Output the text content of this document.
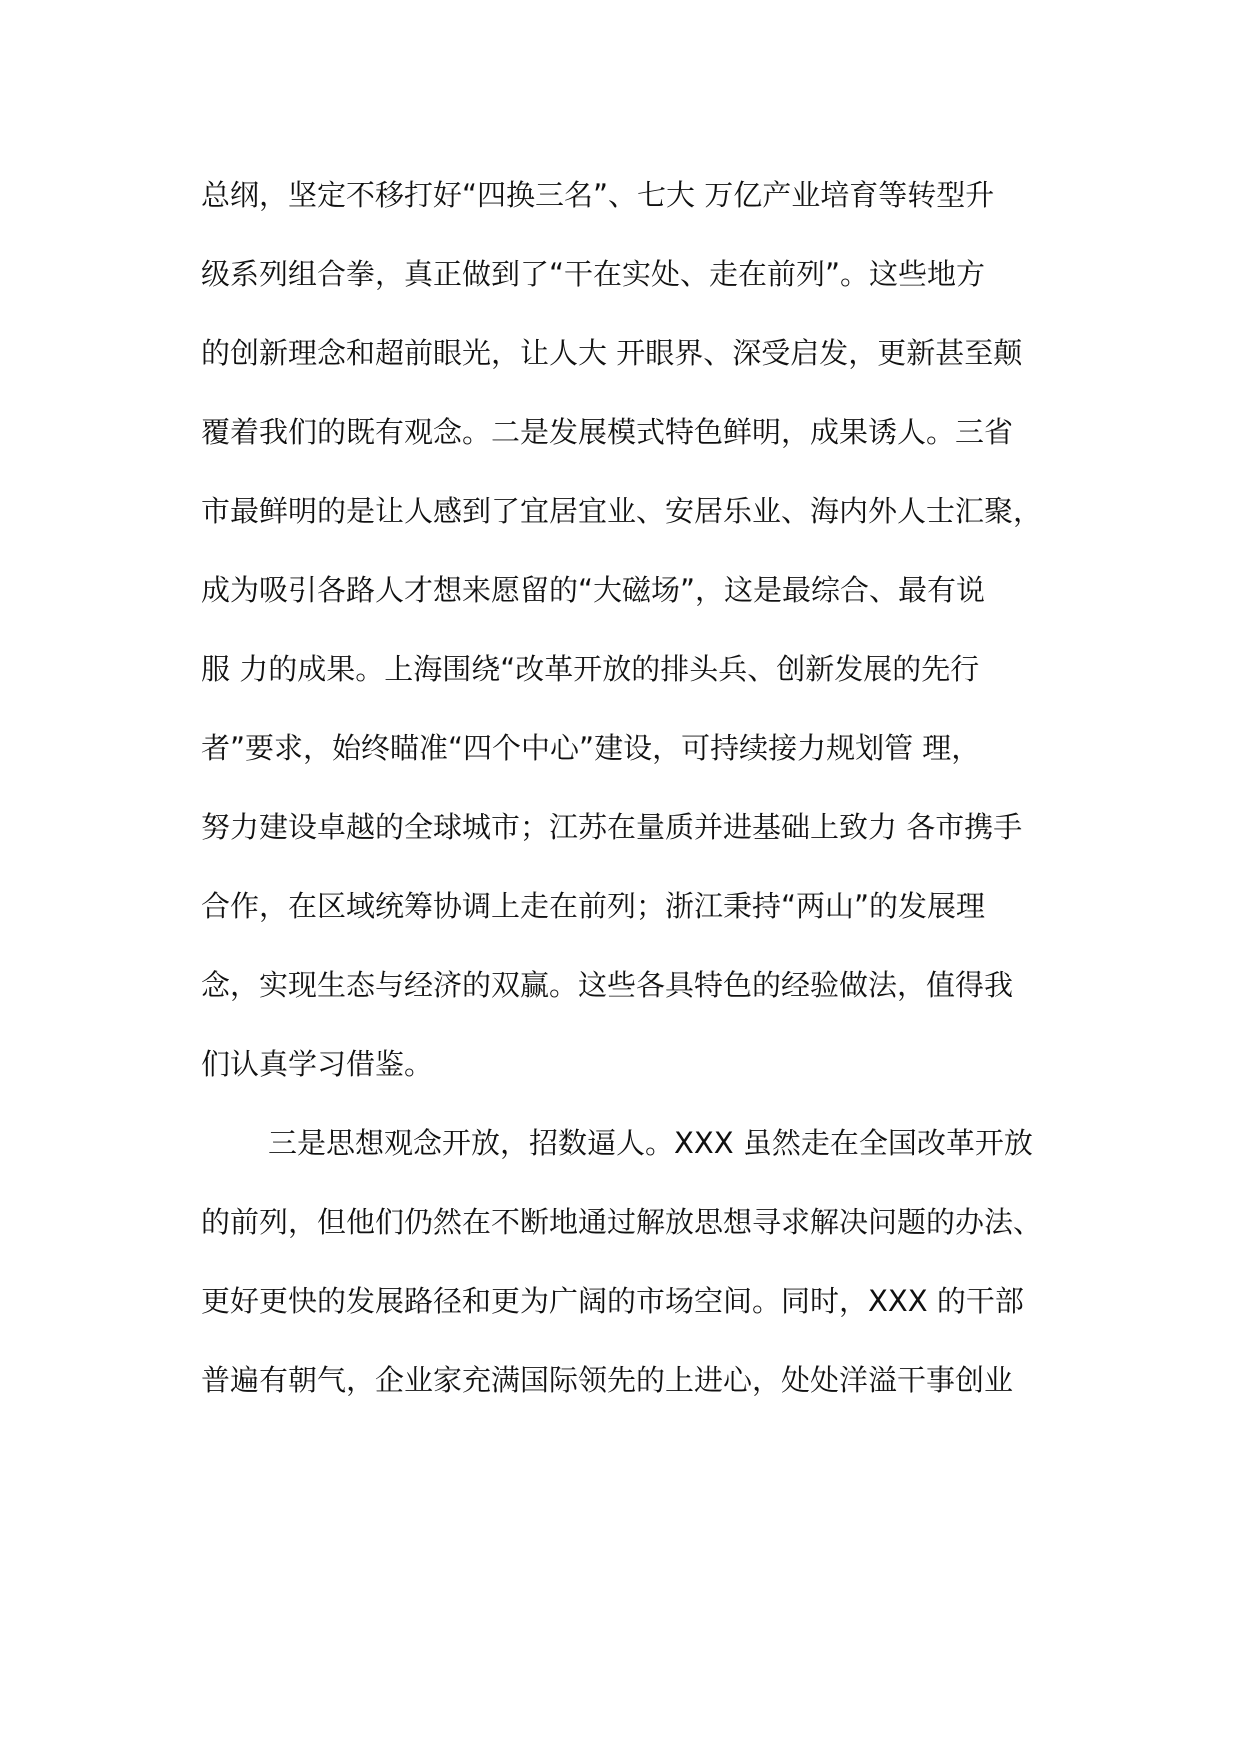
总纲，坚定不移打好“四换三名”、七大 万亿产业培育等转型升
级系列组合拳，真正做到了“干在实处、走在前列”。这些地方
的创新理念和超前眼光，让人大 开眼界、深受启发，更新甚至颠
覆着我们的既有观念。二是发展模式特色鲜明，成果诱人。三省
市最鲜明的是让人感到了宜居宜业、安居乐业、海内外人士汇聚，
成为吸引各路人才想来愿留的“大磁场”，这是最综合、最有说
服 力的成果。上海围绕“改革开放的排头兵、创新发展的先行
者”要求，始终瞄准“四个中心”建设，可持续接力规划管 理，
努力建设卓越的全球城市；江苏在量质并进基础上致力 各市携手
合作，在区域统筹协调上走在前列；浙江秉持“两山”的发展理
念，实现生态与经济的双赢。这些各具特色的经验做法，值得我
们认真学习借鉴。
三是思想观念开放，招数逼人。XXX 虽然走在全国改革开放
的前列，但他们仍然在不断地通过解放思想寻求解决问题的办法、
更好更快的发展路径和更为广阔的市场空间。同时，XXX 的干部
普遍有朝气，企业家充满国际领先的上进心，处处洋溢干事创业
